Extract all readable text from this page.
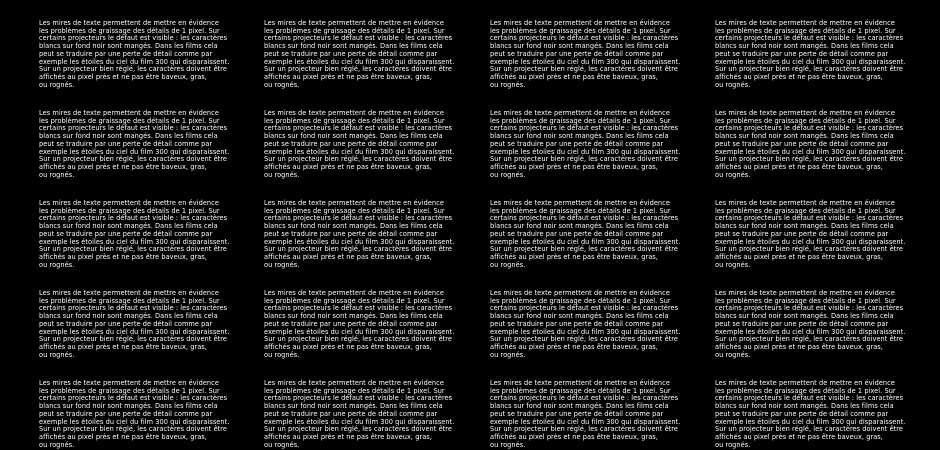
Les mires de texte permettent de mettre en évidence
les problèmes de graissage des détails de 1 pixel. Sur
certains projecteurs le défaut est visible : les caractères
blancs sur fond noir sont mangés. Dans les films cela
peut se traduire par une perte de détail comme par
exemple les étoiles du ciel du film 300 qui disparaissent.
Sur un projecteur bien réglé, les caractères doivent être
affichés au pixel près et ne pas être baveux, gras,
ou rognés.

Les mires de texte permettent de mettre en évidence
les problèmes de graissage des détails de 1 pixel. Sur
certains projecteurs le défaut est visible : les caractères
blancs sur fond noir sont mangés. Dans les films cela
peut se traduire par une perte de détail comme par
exemple les étoiles du ciel du film 300 qui disparaissent.
Sur un projecteur bien réglé, les caractères doivent être
affichés au pixel près et ne pas être baveux, gras,
ou rognés.

Les mires de texte permettent de mettre en évidence
les problèmes de graissage des détails de 1 pixel. Sur
certains projecteurs le défaut est visible : les caractères
blancs sur fond noir sont mangés. Dans les films cela
peut se traduire par une perte de détail comme par
exemple les étoiles du ciel du film 300 qui disparaissent.
Sur un projecteur bien réglé, les caractères doivent être
affichés au pixel près et ne pas être baveux, gras,
ou rognés.

Les mires de texte permettent de mettre en évidence
les problèmes de graissage des détails de 1 pixel. Sur
certains projecteurs le défaut est visible : les caractères
blancs sur fond noir sont mangés. Dans les films cela
peut se traduire par une perte de détail comme par
exemple les étoiles du ciel du film 300 qui disparaissent.
Sur un projecteur bien réglé, les caractères doivent être
affichés au pixel près et ne pas être baveux, gras,
ou rognés.

Les mires de texte permettent de mettre en évidence
les problèmes de graissage des détails de 1 pixel. Sur
certains projecteurs le défaut est visible : les caractères
blancs sur fond noir sont mangés. Dans les films cela
peut se traduire par une perte de détail comme par
exemple les étoiles du ciel du film 300 qui disparaissent.
Sur un projecteur bien réglé, les caractères doivent être
affichés au pixel près et ne pas être baveux, gras,
ou rognés.

Les mires de texte permettent de mettre en évidence
les problèmes de graissage des détails de 1 pixel. Sur
certains projecteurs le défaut est visible : les caractères
blancs sur fond noir sont mangés. Dans les films cela
peut se traduire par une perte de détail comme par
exemple les étoiles du ciel du film 300 qui disparaissent.
Sur un projecteur bien réglé, les caractères doivent être
affichés au pixel près et ne pas être baveux, gras,
ou rognés.

Les mires de texte permettent de mettre en évidence
les problèmes de graissage des détails de 1 pixel. Sur
certains projecteurs le défaut est visible : les caractères
blancs sur fond noir sont mangés. Dans les films cela
peut se traduire par une perte de détail comme par
exemple les étoiles du ciel du film 300 qui disparaissent.
Sur un projecteur bien réglé, les caractères doivent être
affichés au pixel près et ne pas être baveux, gras,
ou rognés.

Les mires de texte permettent de mettre en évidence
les problèmes de graissage des détails de 1 pixel. Sur
certains projecteurs le défaut est visible : les caractères
blancs sur fond noir sont mangés. Dans les films cela
peut se traduire par une perte de détail comme par
exemple les étoiles du ciel du film 300 qui disparaissent.
Sur un projecteur bien réglé, les caractères doivent être
affichés au pixel près et ne pas être baveux, gras,
ou rognés.

Les mires de texte permettent de mettre en évidence
les problèmes de graissage des détails de 1 pixel. Sur
certains projecteurs le défaut est visible : les caractères
blancs sur fond noir sont mangés. Dans les films cela
peut se traduire par une perte de détail comme par
exemple les étoiles du ciel du film 300 qui disparaissent.
Sur un projecteur bien réglé, les caractères doivent être
affichés au pixel près et ne pas être baveux, gras,
ou rognés.

Les mires de texte permettent de mettre en évidence
les problèmes de graissage des détails de 1 pixel. Sur
certains projecteurs le défaut est visible : les caractères
blancs sur fond noir sont mangés. Dans les films cela
peut se traduire par une perte de détail comme par
exemple les étoiles du ciel du film 300 qui disparaissent.
Sur un projecteur bien réglé, les caractères doivent être
affichés au pixel près et ne pas être baveux, gras,
ou rognés.

Les mires de texte permettent de mettre en évidence
les problèmes de graissage des détails de 1 pixel. Sur
certains projecteurs le défaut est visible : les caractères
blancs sur fond noir sont mangés. Dans les films cela
peut se traduire par une perte de détail comme par
exemple les étoiles du ciel du film 300 qui disparaissent.
Sur un projecteur bien réglé, les caractères doivent être
affichés au pixel près et ne pas être baveux, gras,
ou rognés.

Les mires de texte permettent de mettre en évidence
les problèmes de graissage des détails de 1 pixel. Sur
certains projecteurs le défaut est visible : les caractères
blancs sur fond noir sont mangés. Dans les films cela
peut se traduire par une perte de détail comme par
exemple les étoiles du ciel du film 300 qui disparaissent.
Sur un projecteur bien réglé, les caractères doivent être
affichés au pixel près et ne pas être baveux, gras,
ou rognés.

Les mires de texte permettent de mettre en évidence
les problèmes de graissage des détails de 1 pixel. Sur
certains projecteurs le défaut est visible : les caractères
blancs sur fond noir sont mangés. Dans les films cela
peut se traduire par une perte de détail comme par
exemple les étoiles du ciel du film 300 qui disparaissent.
Sur un projecteur bien réglé, les caractères doivent être
affichés au pixel près et ne pas être baveux, gras,
ou rognés.

Les mires de texte permettent de mettre en évidence
les problèmes de graissage des détails de 1 pixel. Sur
certains projecteurs le défaut est visible : les caractères
blancs sur fond noir sont mangés. Dans les films cela
peut se traduire par une perte de détail comme par
exemple les étoiles du ciel du film 300 qui disparaissent.
Sur un projecteur bien réglé, les caractères doivent être
affichés au pixel près et ne pas être baveux, gras,
ou rognés.

Les mires de texte permettent de mettre en évidence
les problèmes de graissage des détails de 1 pixel. Sur
certains projecteurs le défaut est visible : les caractères
blancs sur fond noir sont mangés. Dans les films cela
peut se traduire par une perte de détail comme par
exemple les étoiles du ciel du film 300 qui disparaissent.
Sur un projecteur bien réglé, les caractères doivent être
affichés au pixel près et ne pas être baveux, gras,
ou rognés.

Les mires de texte permettent de mettre en évidence
les problèmes de graissage des détails de 1 pixel. Sur
certains projecteurs le défaut est visible : les caractères
blancs sur fond noir sont mangés. Dans les films cela
peut se traduire par une perte de détail comme par
exemple les étoiles du ciel du film 300 qui disparaissent.
Sur un projecteur bien réglé, les caractères doivent être
affichés au pixel près et ne pas être baveux, gras,
ou rognés.

Les mires de texte permettent de mettre en évidence
les problèmes de graissage des détails de 1 pixel. Sur
certains projecteurs le défaut est visible : les caractères
blancs sur fond noir sont mangés. Dans les films cela
peut se traduire par une perte de détail comme par
exemple les étoiles du ciel du film 300 qui disparaissent.
Sur un projecteur bien réglé, les caractères doivent être
affichés au pixel près et ne pas être baveux, gras,
ou rognés.

Les mires de texte permettent de mettre en évidence
les problèmes de graissage des détails de 1 pixel. Sur
certains projecteurs le défaut est visible : les caractères
blancs sur fond noir sont mangés. Dans les films cela
peut se traduire par une perte de détail comme par
exemple les étoiles du ciel du film 300 qui disparaissent.
Sur un projecteur bien réglé, les caractères doivent être
affichés au pixel près et ne pas être baveux, gras,
ou rognés.

Les mires de texte permettent de mettre en évidence
les problèmes de graissage des détails de 1 pixel. Sur
certains projecteurs le défaut est visible : les caractères
blancs sur fond noir sont mangés. Dans les films cela
peut se traduire par une perte de détail comme par
exemple les étoiles du ciel du film 300 qui disparaissent.
Sur un projecteur bien réglé, les caractères doivent être
affichés au pixel près et ne pas être baveux, gras,
ou rognés.

Les mires de texte permettent de mettre en évidence
les problèmes de graissage des détails de 1 pixel. Sur
certains projecteurs le défaut est visible : les caractères
blancs sur fond noir sont mangés. Dans les films cela
peut se traduire par une perte de détail comme par
exemple les étoiles du ciel du film 300 qui disparaissent.
Sur un projecteur bien réglé, les caractères doivent être
affichés au pixel près et ne pas être baveux, gras,
ou rognés.
